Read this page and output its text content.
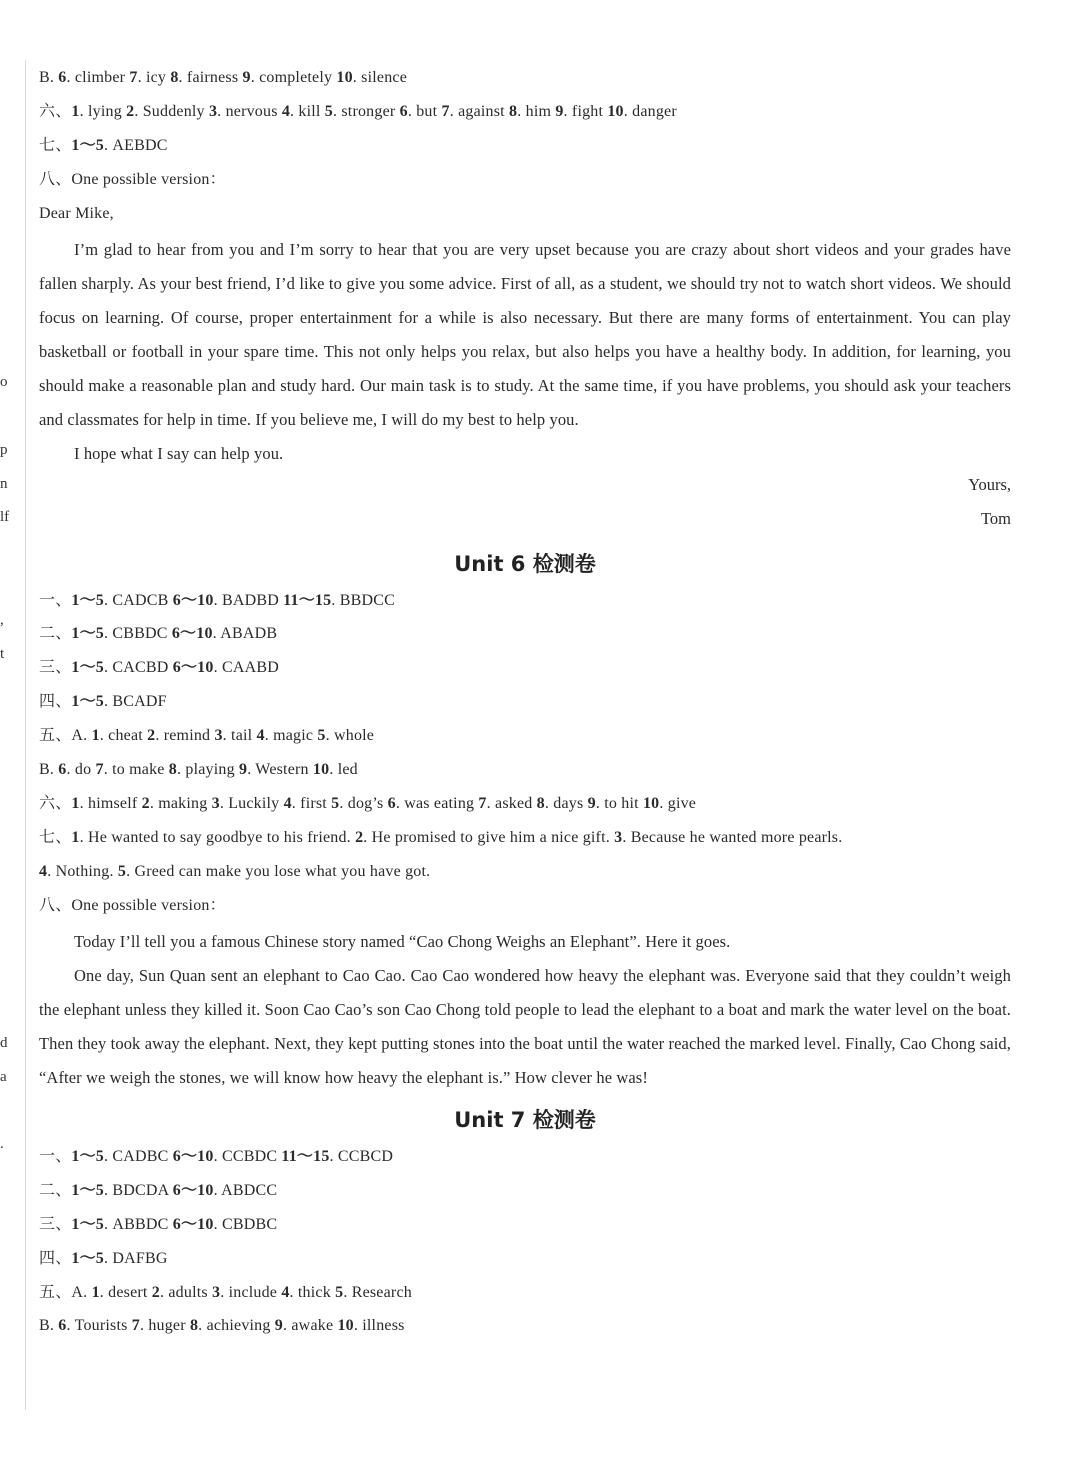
o
p
n
lf
,
t
d
a
.
B. 6. climber 7. icy 8. fairness 9. completely 10. silence
六、1. lying 2. Suddenly 3. nervous 4. kill 5. stronger 6. but 7. against 8. him 9. fight 10. danger
七、1～5. AEBDC
八、One possible version：
Dear Mike,
I’m glad to hear from you and I’m sorry to hear that you are very upset because you are crazy about short videos and your grades have fallen sharply. As your best friend, I’d like to give you some advice. First of all, as a student, we should try not to watch short videos. We should focus on learning. Of course, proper entertainment for a while is also necessary. But there are many forms of entertainment. You can play basketball or football in your spare time. This not only helps you relax, but also helps you have a healthy body. In addition, for learning, you should make a reasonable plan and study hard. Our main task is to study. At the same time, if you have problems, you should ask your teachers and classmates for help in time. If you believe me, I will do my best to help you.
I hope what I say can help you.
Yours,
Tom
Unit 6 检测卷
一、1～5. CADCB 6～10. BADBD 11～15. BBDCC
二、1～5. CBBDC 6～10. ABADB
三、1～5. CACBD 6～10. CAABD
四、1～5. BCADF
五、A. 1. cheat 2. remind 3. tail 4. magic 5. whole
B. 6. do 7. to make 8. playing 9. Western 10. led
六、1. himself 2. making 3. Luckily 4. first 5. dog’s 6. was eating 7. asked 8. days 9. to hit 10. give
七、1. He wanted to say goodbye to his friend. 2. He promised to give him a nice gift. 3. Because he wanted more pearls.
4. Nothing. 5. Greed can make you lose what you have got.
八、One possible version：
Today I’ll tell you a famous Chinese story named “Cao Chong Weighs an Elephant”. Here it goes.
One day, Sun Quan sent an elephant to Cao Cao. Cao Cao wondered how heavy the elephant was. Everyone said that they couldn’t weigh the elephant unless they killed it. Soon Cao Cao’s son Cao Chong told people to lead the elephant to a boat and mark the water level on the boat. Then they took away the elephant. Next, they kept putting stones into the boat until the water reached the marked level. Finally, Cao Chong said, “After we weigh the stones, we will know how heavy the elephant is.” How clever he was!
Unit 7 检测卷
一、1～5. CADBC 6～10. CCBDC 11～15. CCBCD
二、1～5. BDCDA 6～10. ABDCC
三、1～5. ABBDC 6～10. CBDBC
四、1～5. DAFBG
五、A. 1. desert 2. adults 3. include 4. thick 5. Research
B. 6. Tourists 7. huger 8. achieving 9. awake 10. illness
